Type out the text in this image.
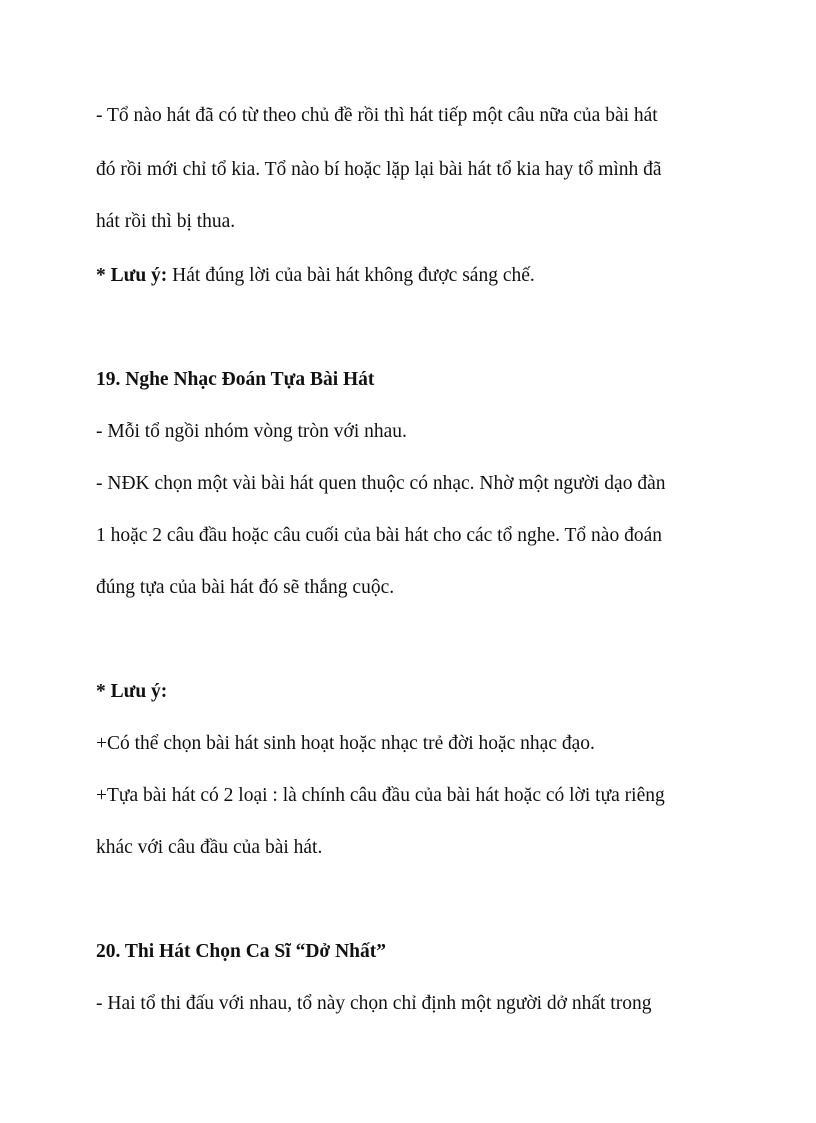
- Tổ nào hát đã có từ theo chủ đề rồi thì hát tiếp một câu nữa của bài hát
đó rồi mới chỉ tổ kia. Tổ nào bí hoặc lặp lại bài hát tổ kia hay tổ mình đã
hát rồi thì bị thua.
* Lưu ý: Hát đúng lời của bài hát không được sáng chế.
19. Nghe Nhạc Đoán Tựa Bài Hát
- Mỗi tổ ngồi nhóm vòng tròn với nhau.
- NĐK chọn một vài bài hát quen thuộc có nhạc. Nhờ một người dạo đàn
1 hoặc 2 câu đầu hoặc câu cuối của bài hát cho các tổ nghe. Tổ nào đoán
đúng tựa của bài hát đó sẽ thắng cuộc.
* Lưu ý:
+Có thể chọn bài hát sinh hoạt hoặc nhạc trẻ đời hoặc nhạc đạo.
+Tựa bài hát có 2 loại : là chính câu đầu của bài hát hoặc có lời tựa riêng
khác với câu đầu của bài hát.
20. Thi Hát Chọn Ca Sĩ “Dở Nhất”
- Hai tổ thi đấu với nhau, tổ này chọn chỉ định một người dở nhất trong
